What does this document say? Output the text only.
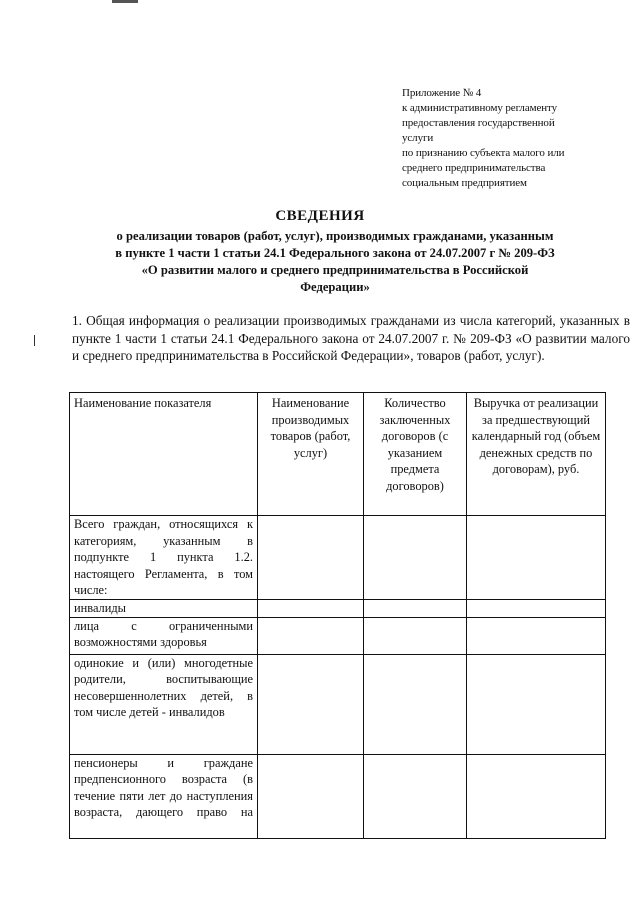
Приложение № 4
к административному регламенту
предоставления государственной
услуги
по признанию субъекта малого или
среднего предпринимательства
социальным предприятием
СВЕДЕНИЯ
о реализации товаров (работ, услуг), производимых гражданами, указанным
в пункте 1 части 1 статьи 24.1 Федерального закона от 24.07.2007 г № 209-ФЗ
«О развитии малого и среднего предпринимательства в Российской
Федерации»
1. Общая информация о реализации производимых гражданами из числа категорий, указанных в пункте 1 части 1 статьи 24.1 Федерального закона от 24.07.2007 г. № 209-ФЗ «О развитии малого и среднего предпринимательства в Российской Федерации», товаров (работ, услуг).
Наименование показателя	Наименование производимых товаров (работ, услуг)	Количество заключенных договоров (с указанием предмета договоров)	Выручка от реализации за предшествующий календарный год (объем денежных средств по договорам), руб.
Всего граждан, относящихся к категориям, указанным в подпункте 1 пункта 1.2. настоящего Регламента, в том числе:			
инвалиды			
лица с ограниченными возможностями здоровья			
одинокие и (или) многодетные родители, воспитывающие несовершеннолетних детей, в том числе детей - инвалидов			
пенсионеры и граждане предпенсионного возраста (в течение пяти лет до наступления возраста, дающего право на			
